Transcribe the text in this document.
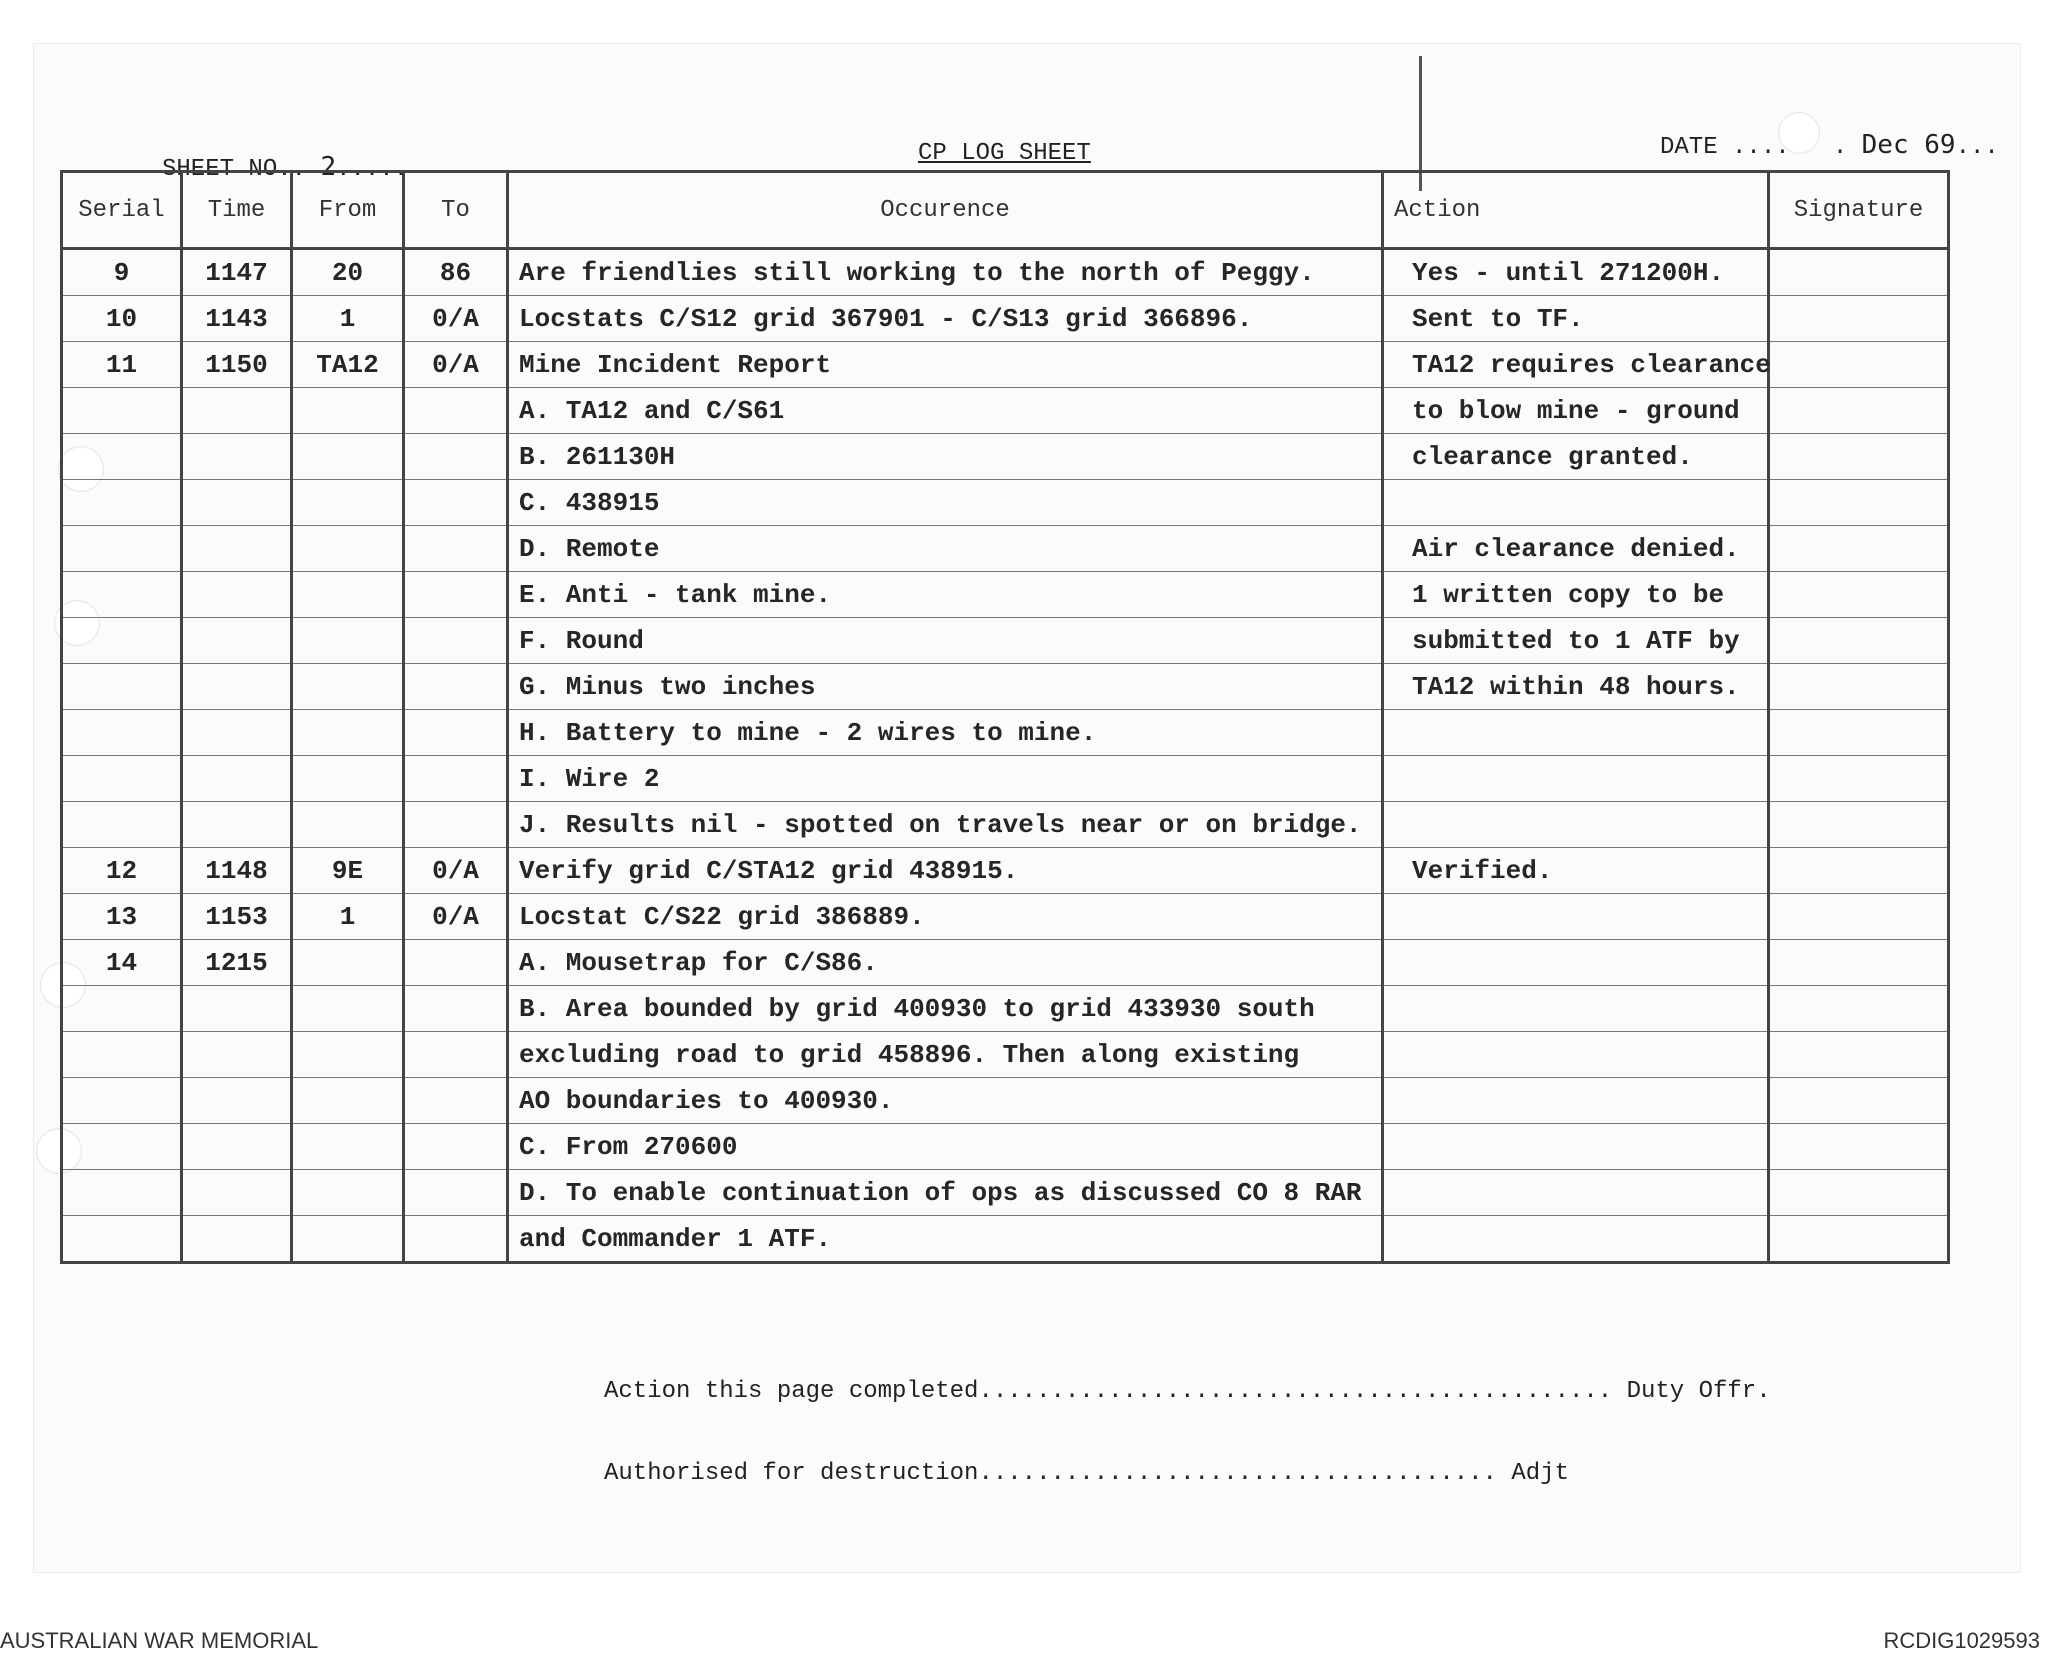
SHEET NO.. 2.....
CP LOG SHEET	DATE ....   . Dec 69...
Serial	Time	From	To	Occurence	Action	Signature
9	1147	20	86	Are friendlies still working to the north of Peggy.	Yes - until 271200H.	
10	1143	1	0/A	Locstats C/S12 grid 367901 - C/S13 grid 366896.	Sent to TF.	
11	1150	TA12	0/A	Mine Incident Report	TA12 requires clearance	
				A. TA12 and C/S61	to blow mine - ground	
				B. 261130H	clearance granted.	
				C. 438915		
				D. Remote	Air clearance denied.	
				E. Anti - tank mine.	1 written copy to be	
				F. Round	submitted to 1 ATF by	
				G. Minus two inches	TA12 within 48 hours.	
				H. Battery to mine - 2 wires to mine.		
				I. Wire 2		
				J. Results nil - spotted on travels near or on bridge.		
12	1148	9E	0/A	Verify grid C/STA12 grid 438915.	Verified.	
13	1153	1	0/A	Locstat C/S22 grid 386889.		
14	1215			A. Mousetrap for C/S86.		
				B. Area bounded by grid 400930 to grid 433930 south		
				excluding road to grid 458896. Then along existing		
				AO boundaries to 400930.		
				C. From 270600		
				D. To enable continuation of ops as discussed CO 8 RAR		
				and Commander 1 ATF.		
Action this page completed............................................ Duty Offr.
Authorised for destruction.................................... Adjt
AUSTRALIAN WAR MEMORIAL	RCDIG1029593
